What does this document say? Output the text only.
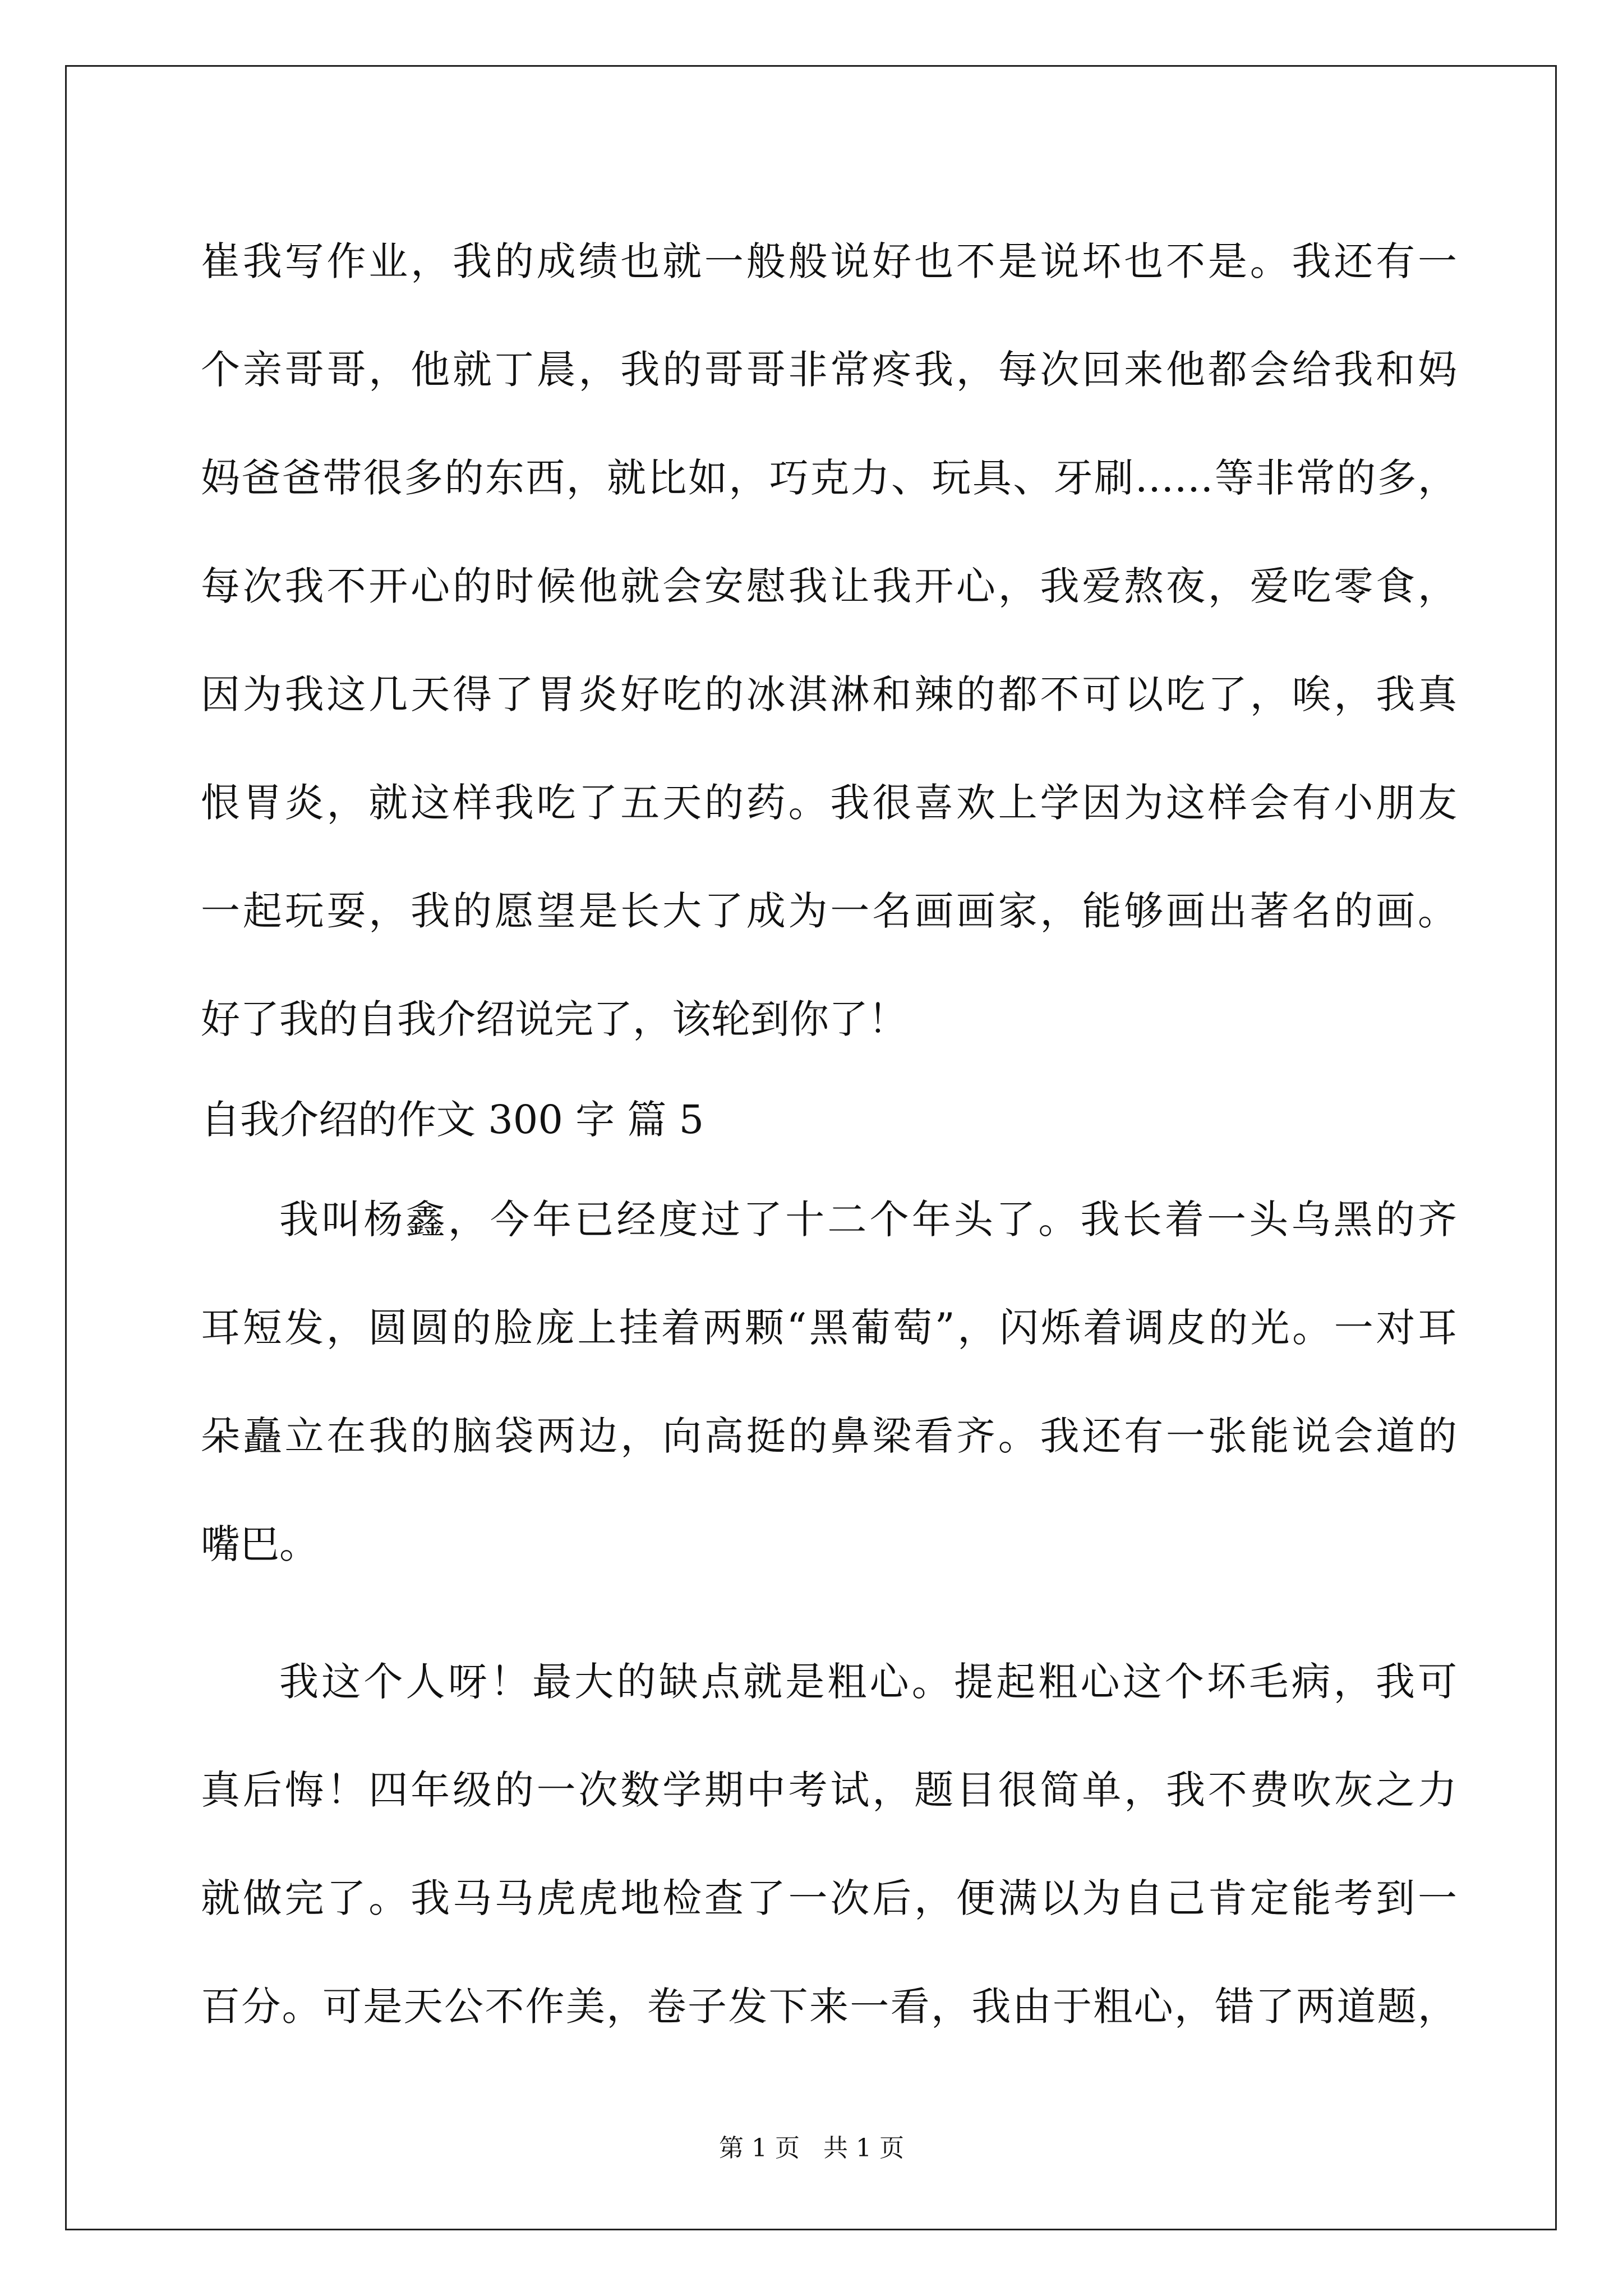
崔我写作业，我的成绩也就一般般说好也不是说坏也不是。我还有一
个亲哥哥，他就丁晨，我的哥哥非常疼我，每次回来他都会给我和妈
妈爸爸带很多的东西，就比如，巧克力、玩具、牙刷……等非常的多，
每次我不开心的时候他就会安慰我让我开心，我爱熬夜，爱吃零食，
因为我这几天得了胃炎好吃的冰淇淋和辣的都不可以吃了，唉，我真
恨胃炎，就这样我吃了五天的药。我很喜欢上学因为这样会有小朋友
一起玩耍，我的愿望是长大了成为一名画画家，能够画出著名的画。
好了我的自我介绍说完了，该轮到你了！
自我介绍的作文 300 字 篇 5
我叫杨鑫，今年已经度过了十二个年头了。我长着一头乌黑的齐
耳短发，圆圆的脸庞上挂着两颗“黑葡萄”，闪烁着调皮的光。一对耳
朵矗立在我的脑袋两边，向高挺的鼻梁看齐。我还有一张能说会道的
嘴巴。
我这个人呀！最大的缺点就是粗心。提起粗心这个坏毛病，我可
真后悔！四年级的一次数学期中考试，题目很简单，我不费吹灰之力
就做完了。我马马虎虎地检查了一次后，便满以为自己肯定能考到一
百分。可是天公不作美，卷子发下来一看，我由于粗心，错了两道题，
第 1 页 共 1 页
